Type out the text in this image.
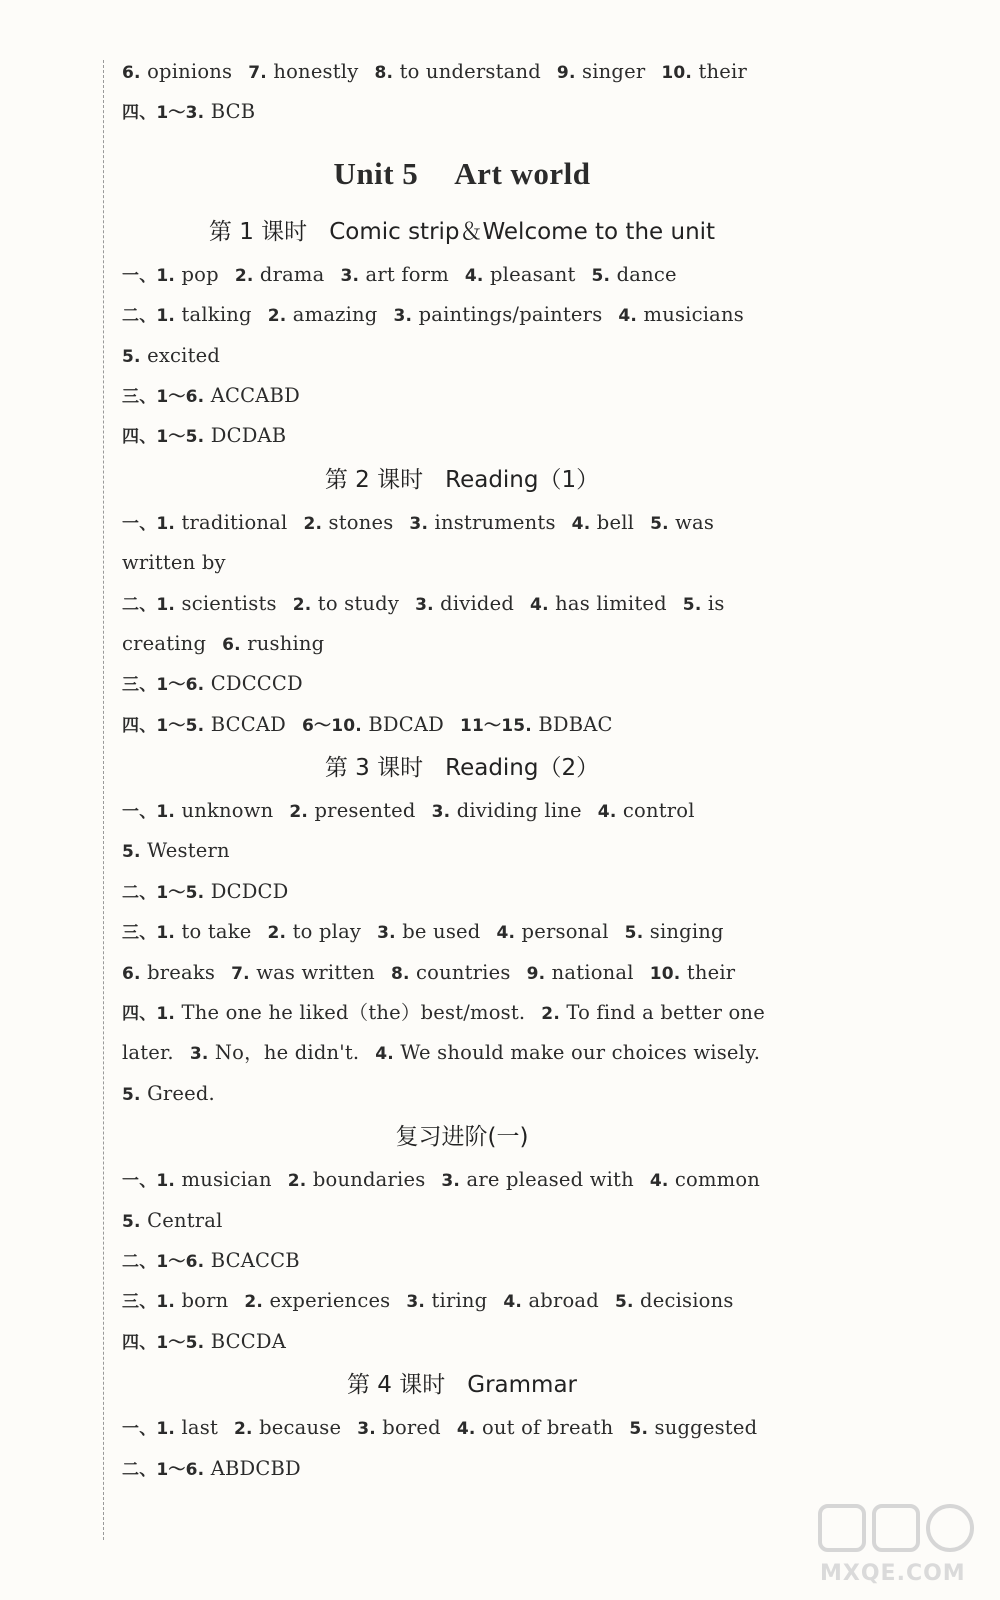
6. opinions 7. honestly 8. to understand 9. singer 10. their
四、1～3. BCB
Unit 5 Art world
第 1 课时 Comic strip＆Welcome to the unit
一、1. pop 2. drama 3. art form 4. pleasant 5. dance
二、1. talking 2. amazing 3. paintings/painters 4. musicians
5. excited
三、1～6. ACCABD
四、1～5. DCDAB
第 2 课时 Reading（1）
一、1. traditional 2. stones 3. instruments 4. bell 5. was
written by
二、1. scientists 2. to study 3. divided 4. has limited 5. is
creating 6. rushing
三、1～6. CDCCCD
四、1～5. BCCAD 6～10. BDCAD 11～15. BDBAC
第 3 课时 Reading（2）
一、1. unknown 2. presented 3. dividing line 4. control
5. Western
二、1～5. DCDCD
三、1. to take 2. to play 3. be used 4. personal 5. singing
6. breaks 7. was written 8. countries 9. national 10. their
四、1. The one he liked（the）best/most. 2. To find a better one
later. 3. No，he didn't. 4. We should make our choices wisely.
5. Greed.
复习进阶(一)
一、1. musician 2. boundaries 3. are pleased with 4. common
5. Central
二、1～6. BCACCB
三、1. born 2. experiences 3. tiring 4. abroad 5. decisions
四、1～5. BCCDA
第 4 课时 Grammar
一、1. last 2. because 3. bored 4. out of breath 5. suggested
二、1～6. ABDCBD
MXQE.COM
